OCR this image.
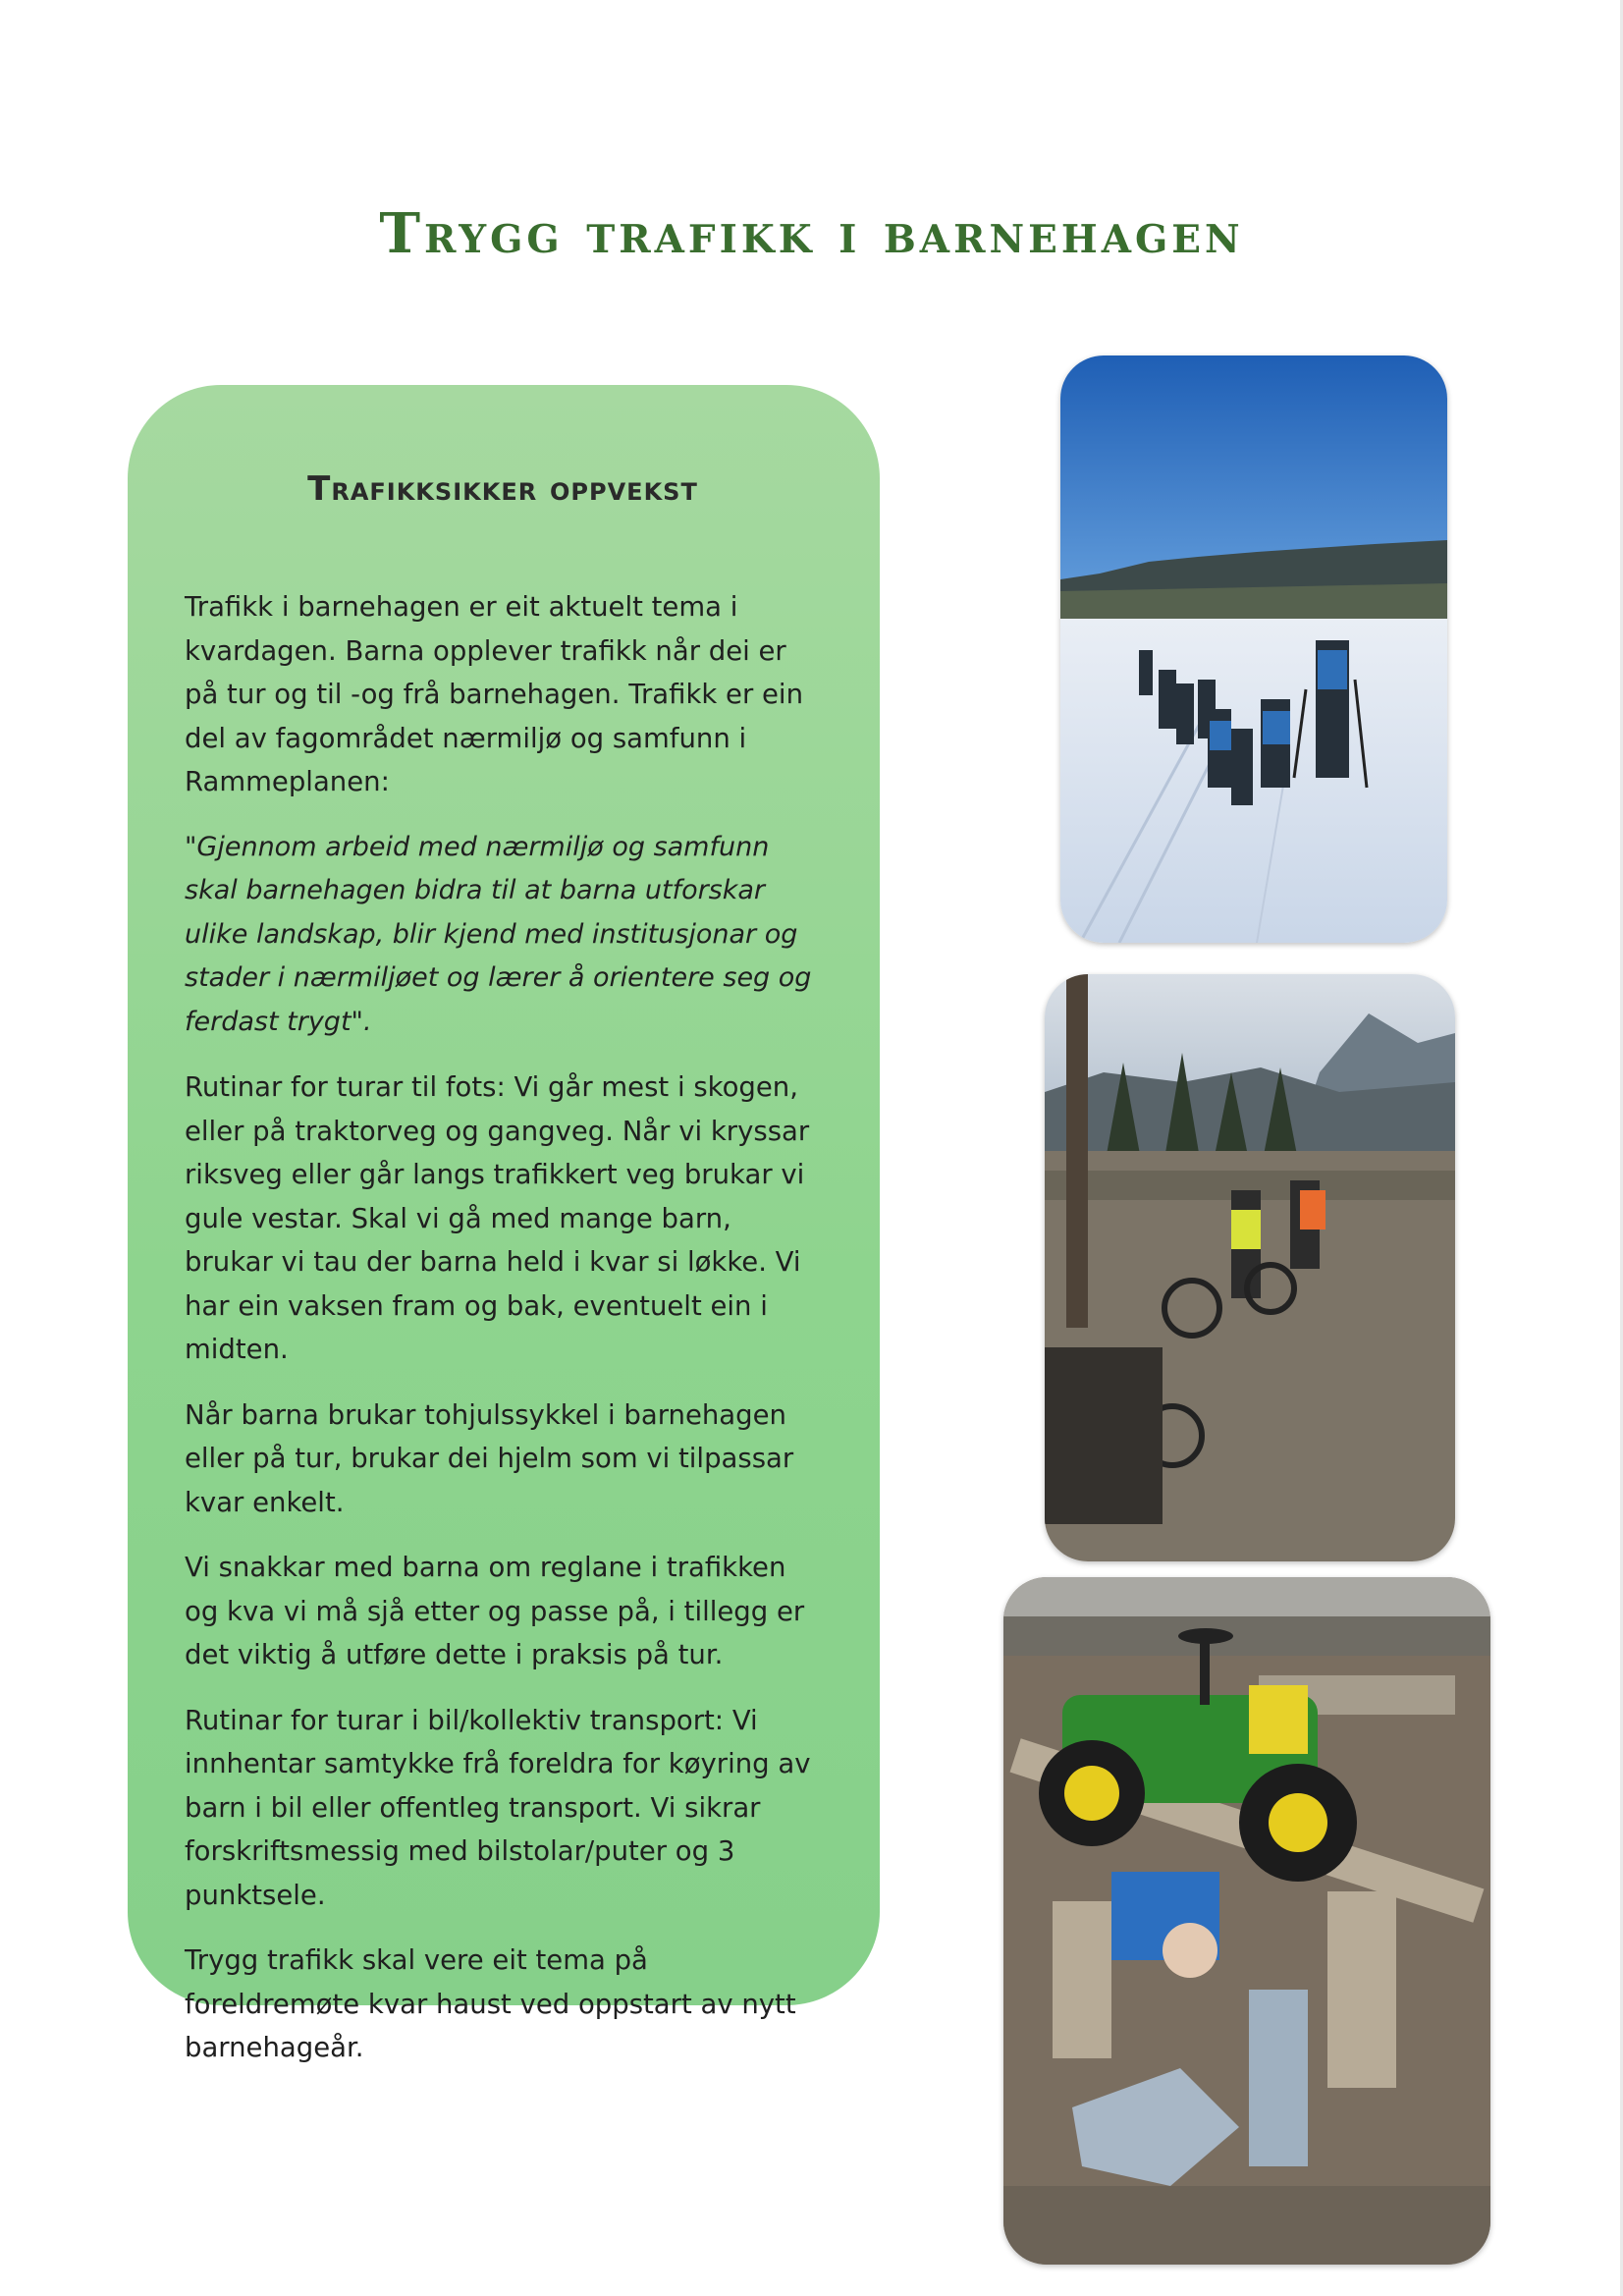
Trygg trafikk i barnehagen
Trafikksikker oppvekst

Trafikk i barnehagen er eit aktuelt tema i kvardagen. Barna opplever trafikk når dei er på tur og til -og frå barnehagen. Trafikk er ein del av fagområdet nærmiljø og samfunn i Rammeplanen:

"Gjennom arbeid med nærmiljø og samfunn skal barnehagen bidra til at barna utforskar ulike landskap, blir kjend med institusjonar og stader i nærmiljøet og lærer å orientere seg og ferdast trygt".

Rutinar for turar til fots: Vi går mest i skogen, eller på traktorveg og gangveg. Når vi kryssar riksveg eller går langs trafikkert veg brukar vi gule vestar. Skal vi gå med mange barn, brukar vi tau der barna held i kvar si løkke. Vi har ein vaksen fram og bak, eventuelt ein i midten.

Når barna brukar tohjulssykkel i barnehagen eller på tur, brukar dei hjelm som vi tilpassar kvar enkelt.

Vi snakkar med barna om reglane i trafikken og kva vi må sjå etter og passe på, i tillegg er det viktig å utføre dette i praksis på tur.

Rutinar for turar i bil/kollektiv transport: Vi innhentar samtykke frå foreldra for køyring av barn i bil eller offentleg transport. Vi sikrar forskriftsmessig med bilstolar/puter og 3 punktsele.

Trygg trafikk skal vere eit tema på foreldremøte kvar haust ved oppstart av nytt barnehageår.
